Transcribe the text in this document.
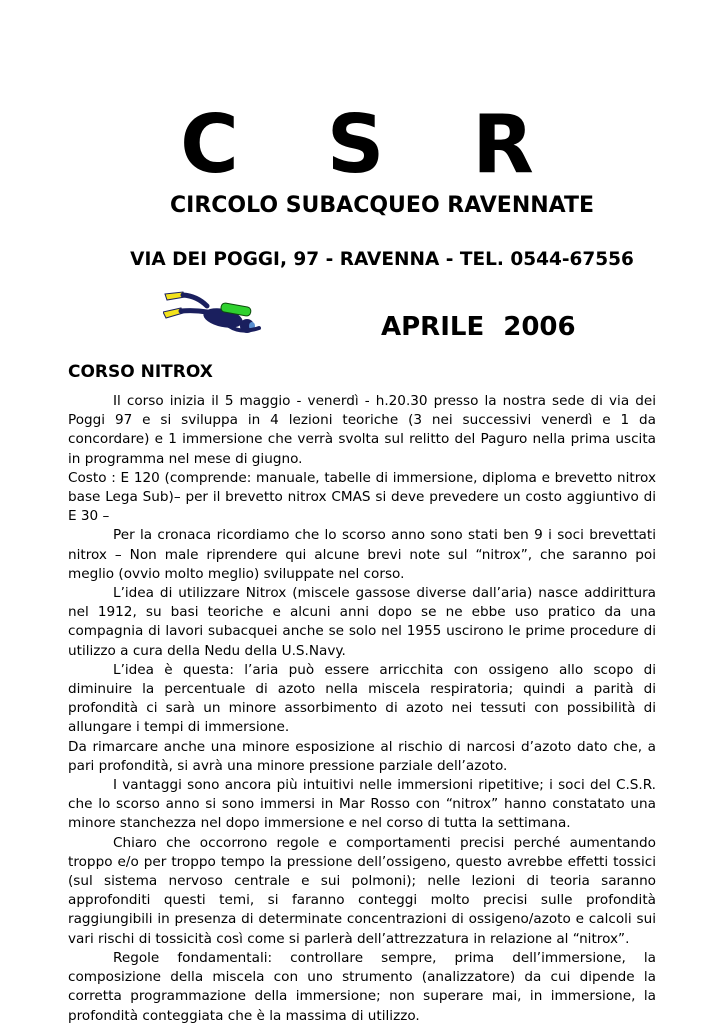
C S R
CIRCOLO SUBACQUEO RAVENNATE
VIA DEI POGGI, 97 - RAVENNA - TEL. 0544-67556
APRILE 2006
CORSO NITROX

Il corso inizia il 5 maggio - venerdì - h.20.30 presso la nostra sede di via dei Poggi 97 e si sviluppa in 4 lezioni teoriche (3 nei successivi venerdì e 1 da concordare) e 1 immersione che verrà svolta sul relitto del Paguro nella prima uscita in programma nel mese di giugno.

Costo : E 120 (comprende: manuale, tabelle di immersione, diploma e brevetto nitrox base Lega Sub)– per il brevetto nitrox CMAS si deve prevedere un costo aggiuntivo di E 30 –

Per la cronaca ricordiamo che lo scorso anno sono stati ben 9 i soci brevettati nitrox – Non male riprendere qui alcune brevi note sul “nitrox”, che saranno poi meglio (ovvio molto meglio) sviluppate nel corso.

L’idea di utilizzare Nitrox (miscele gassose diverse dall’aria) nasce addirittura nel 1912, su basi teoriche e alcuni anni dopo se ne ebbe uso pratico da una compagnia di lavori subacquei anche se solo nel 1955 uscirono le prime procedure di utilizzo a cura della Nedu della U.S.Navy.

L’idea è questa: l’aria può essere arricchita con ossigeno allo scopo di diminuire la percentuale di azoto nella miscela respiratoria; quindi a parità di profondità ci sarà un minore assorbimento di azoto nei tessuti con possibilità di allungare i tempi di immersione.

Da rimarcare anche una minore esposizione al rischio di narcosi d’azoto dato che, a pari profondità, si avrà una minore pressione parziale dell’azoto.

I vantaggi sono ancora più intuitivi nelle immersioni ripetitive; i soci del C.S.R. che lo scorso anno si sono immersi in Mar Rosso con “nitrox” hanno constatato una minore stanchezza nel dopo immersione e nel corso di tutta la settimana.

Chiaro che occorrono regole e comportamenti precisi perché aumentando troppo e/o per troppo tempo la pressione dell’ossigeno, questo avrebbe effetti tossici (sul sistema nervoso centrale e sui polmoni); nelle lezioni di teoria saranno approfonditi questi temi, si faranno conteggi molto precisi sulle profondità raggiungibili in presenza di determinate concentrazioni di ossigeno/azoto e calcoli sui vari rischi di tossicità così come si parlerà dell’attrezzatura in relazione al “nitrox”.

Regole fondamentali: controllare sempre, prima dell’immersione, la composizione della miscela con uno strumento (analizzatore) da cui dipende la corretta programmazione della immersione; non superare mai, in immersione, la profondità conteggiata che è la massima di utilizzo.
